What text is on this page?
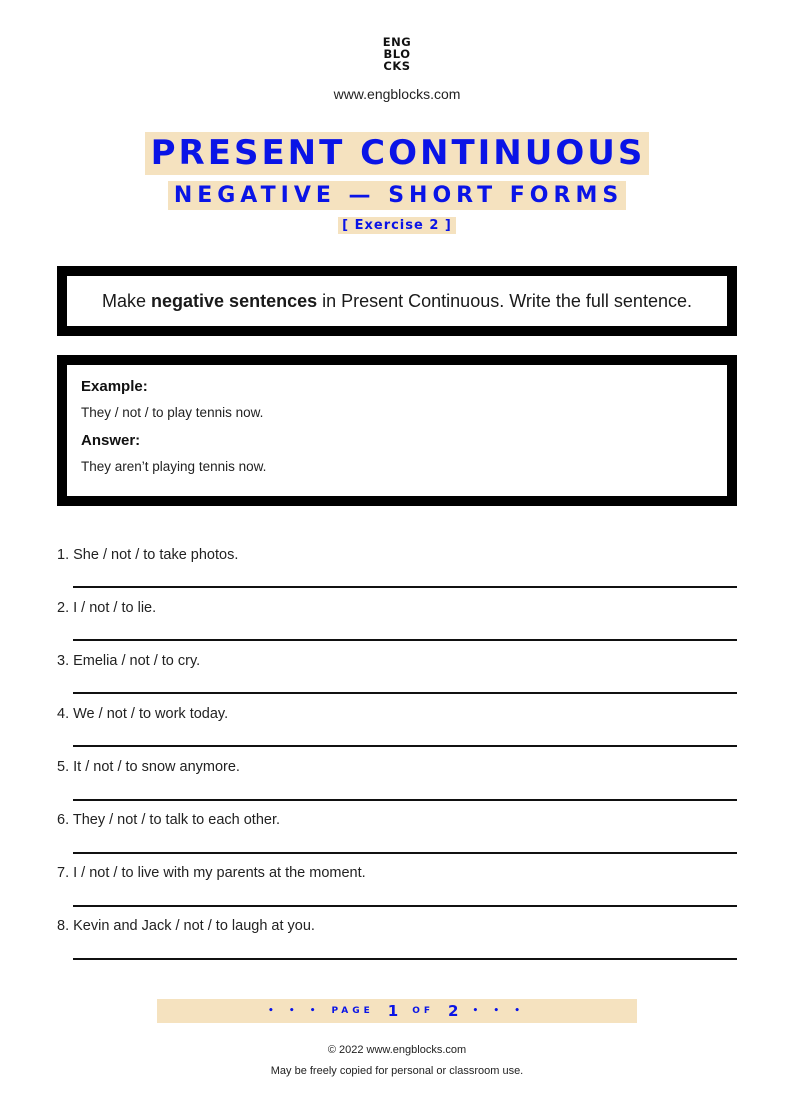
ENG
BLO
CKS
www.engblocks.com
PRESENT CONTINUOUS
NEGATIVE — SHORT FORMS
[ Exercise 2 ]
Make negative sentences in Present Continuous. Write the full sentence.

Example:

They / not / to play tennis now.

Answer:

They aren’t playing tennis now.

1. She / not / to take photos.
2. I / not / to lie.
3. Emelia / not / to cry.
4. We / not / to work today.
5. It / not / to snow anymore.
6. They / not / to talk to each other.
7. I / not / to live with my parents at the moment.
8. Kevin and Jack / not / to laugh at you.
• • • PAGE 1 OF 2 • • •
© 2022 www.engblocks.com
May be freely copied for personal or classroom use.
